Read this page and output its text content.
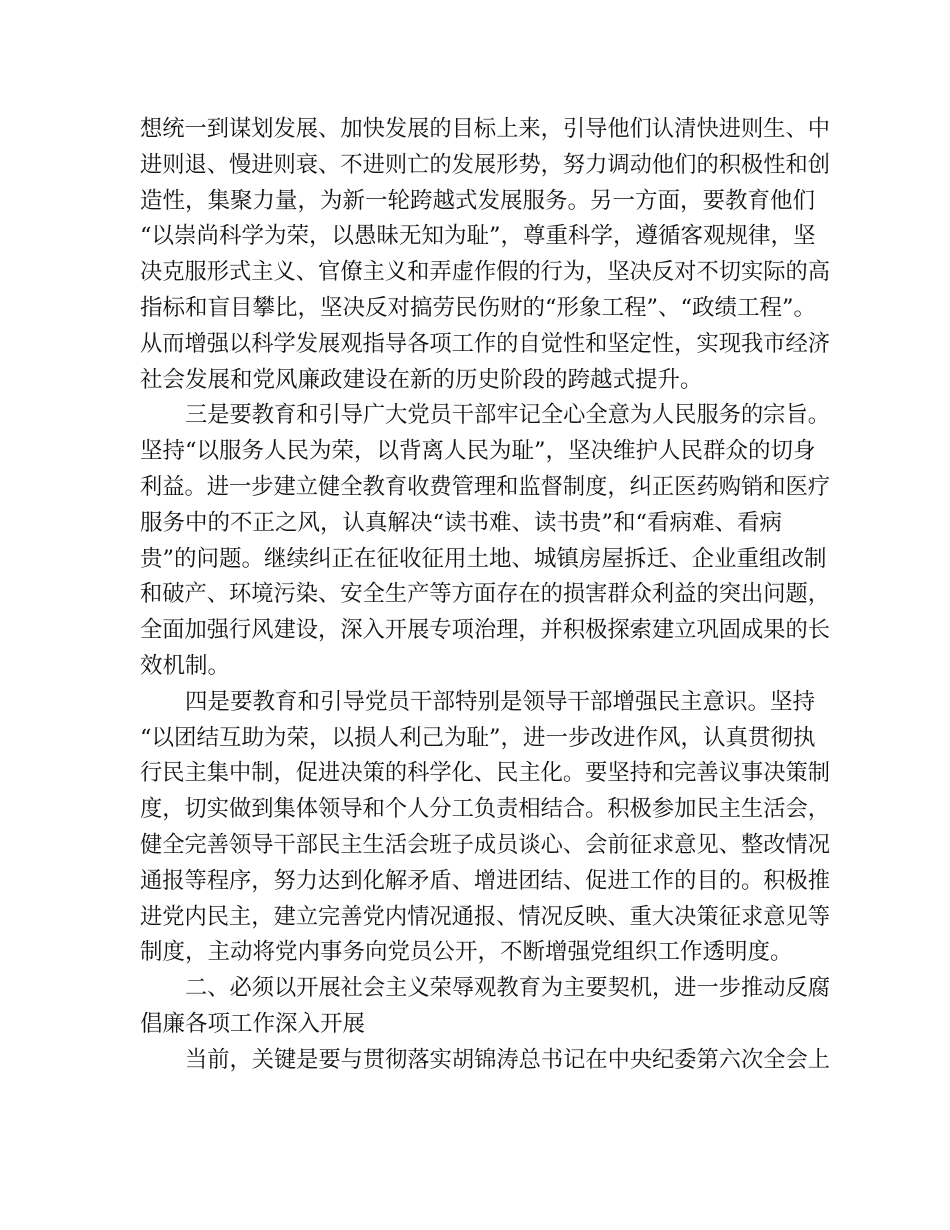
想统一到谋划发展、加快发展的目标上来，引导他们认清快进则生、中
进则退、慢进则衰、不进则亡的发展形势，努力调动他们的积极性和创
造性，集聚力量，为新一轮跨越式发展服务。另一方面，要教育他们
“以崇尚科学为荣，以愚昧无知为耻”，尊重科学，遵循客观规律，坚
决克服形式主义、官僚主义和弄虚作假的行为，坚决反对不切实际的高
指标和盲目攀比，坚决反对搞劳民伤财的“形象工程”、“政绩工程”。
从而增强以科学发展观指导各项工作的自觉性和坚定性，实现我市经济
社会发展和党风廉政建设在新的历史阶段的跨越式提升。
三是要教育和引导广大党员干部牢记全心全意为人民服务的宗旨。
坚持“以服务人民为荣，以背离人民为耻”，坚决维护人民群众的切身
利益。进一步建立健全教育收费管理和监督制度，纠正医药购销和医疗
服务中的不正之风，认真解决“读书难、读书贵”和“看病难、看病
贵”的问题。继续纠正在征收征用土地、城镇房屋拆迁、企业重组改制
和破产、环境污染、安全生产等方面存在的损害群众利益的突出问题，
全面加强行风建设，深入开展专项治理，并积极探索建立巩固成果的长
效机制。
四是要教育和引导党员干部特别是领导干部增强民主意识。坚持
“以团结互助为荣，以损人利己为耻”，进一步改进作风，认真贯彻执
行民主集中制，促进决策的科学化、民主化。要坚持和完善议事决策制
度，切实做到集体领导和个人分工负责相结合。积极参加民主生活会，
健全完善领导干部民主生活会班子成员谈心、会前征求意见、整改情况
通报等程序，努力达到化解矛盾、增进团结、促进工作的目的。积极推
进党内民主，建立完善党内情况通报、情况反映、重大决策征求意见等
制度，主动将党内事务向党员公开，不断增强党组织工作透明度。
二、必须以开展社会主义荣辱观教育为主要契机，进一步推动反腐
倡廉各项工作深入开展
当前，关键是要与贯彻落实胡锦涛总书记在中央纪委第六次全会上
